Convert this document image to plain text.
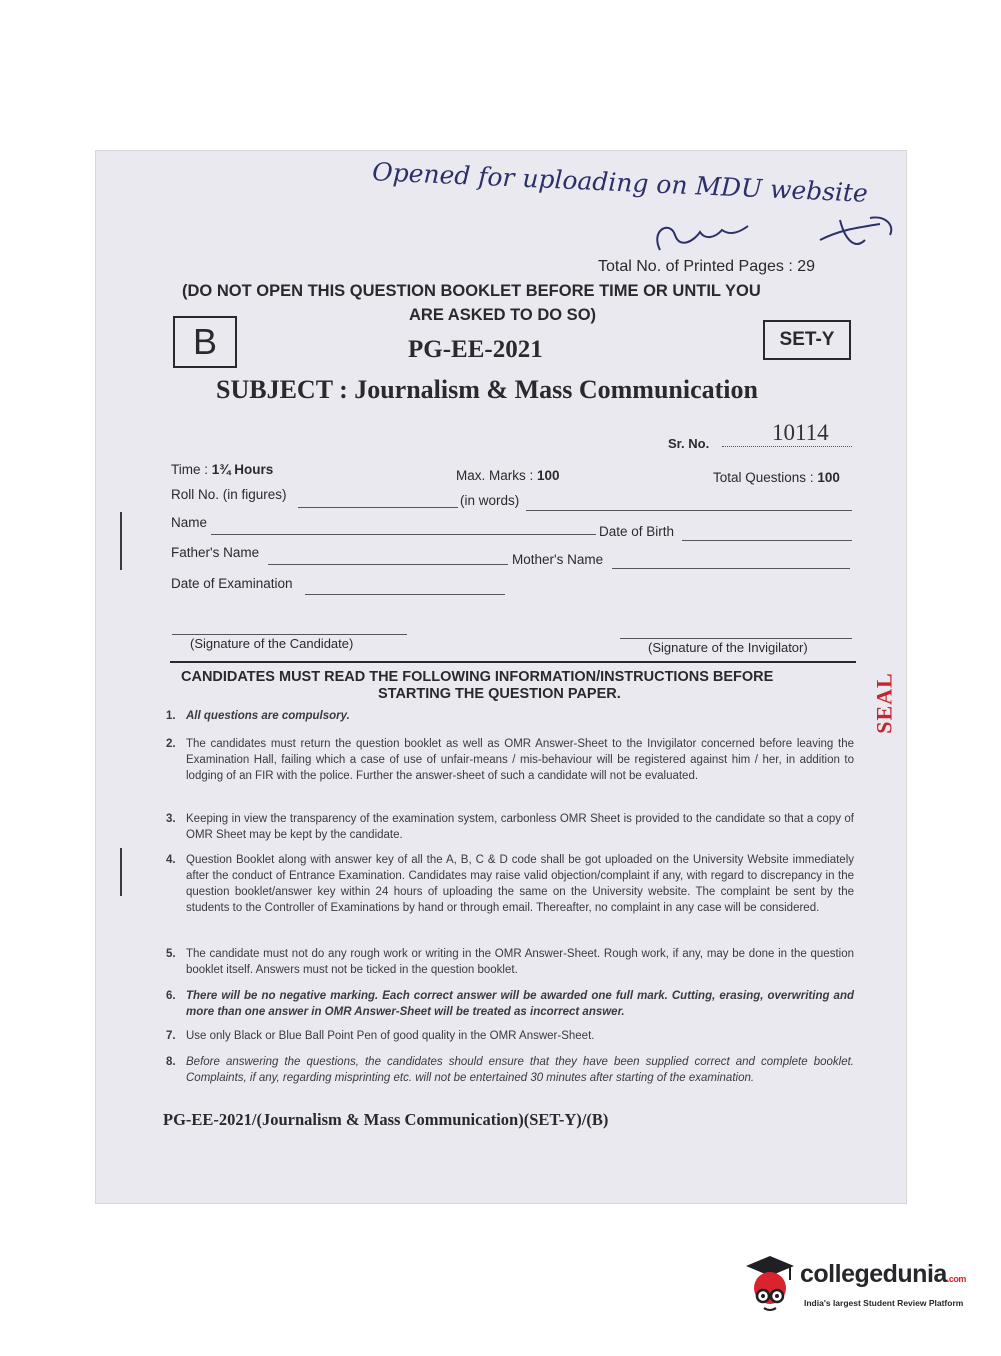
Opened for uploading on MDU website
Total No. of Printed Pages : 29
(DO NOT OPEN THIS QUESTION BOOKLET BEFORE TIME OR UNTIL YOU
ARE ASKED TO DO SO)
B	SET-Y
PG-EE-2021
SUBJECT : Journalism & Mass Communication
Sr. No.	10114
Time : 1¾ Hours	Max. Marks : 100	Total Questions : 100
Roll No. (in figures)	(in words)
Name
Date of Birth
Father's Name	Mother's Name
Date of Examination
(Signature of the Candidate)	(Signature of the Invigilator)
SEAL
CANDIDATES MUST READ THE FOLLOWING INFORMATION/INSTRUCTIONS BEFORE
STARTING THE QUESTION PAPER.
1. All questions are compulsory.
2. The candidates must return the question booklet as well as OMR Answer-Sheet to the Invigilator concerned before leaving the Examination Hall, failing which a case of use of unfair-means / mis-behaviour will be registered against him / her, in addition to lodging of an FIR with the police. Further the answer-sheet of such a candidate will not be evaluated.
3. Keeping in view the transparency of the examination system, carbonless OMR Sheet is provided to the candidate so that a copy of OMR Sheet may be kept by the candidate.
4. Question Booklet along with answer key of all the A, B, C & D code shall be got uploaded on the University Website immediately after the conduct of Entrance Examination. Candidates may raise valid objection/complaint if any, with regard to discrepancy in the question booklet/answer key within 24 hours of uploading the same on the University website. The complaint be sent by the students to the Controller of Examinations by hand or through email. Thereafter, no complaint in any case will be considered.
5. The candidate must not do any rough work or writing in the OMR Answer-Sheet. Rough work, if any, may be done in the question booklet itself. Answers must not be ticked in the question booklet.
6. There will be no negative marking. Each correct answer will be awarded one full mark. Cutting, erasing, overwriting and more than one answer in OMR Answer-Sheet will be treated as incorrect answer.
7. Use only Black or Blue Ball Point Pen of good quality in the OMR Answer-Sheet.
8. Before answering the questions, the candidates should ensure that they have been supplied correct and complete booklet. Complaints, if any, regarding misprinting etc. will not be entertained 30 minutes after starting of the examination.
PG-EE-2021/(Journalism & Mass Communication)(SET-Y)/(B)
collegedunia.com
India's largest Student Review Platform
